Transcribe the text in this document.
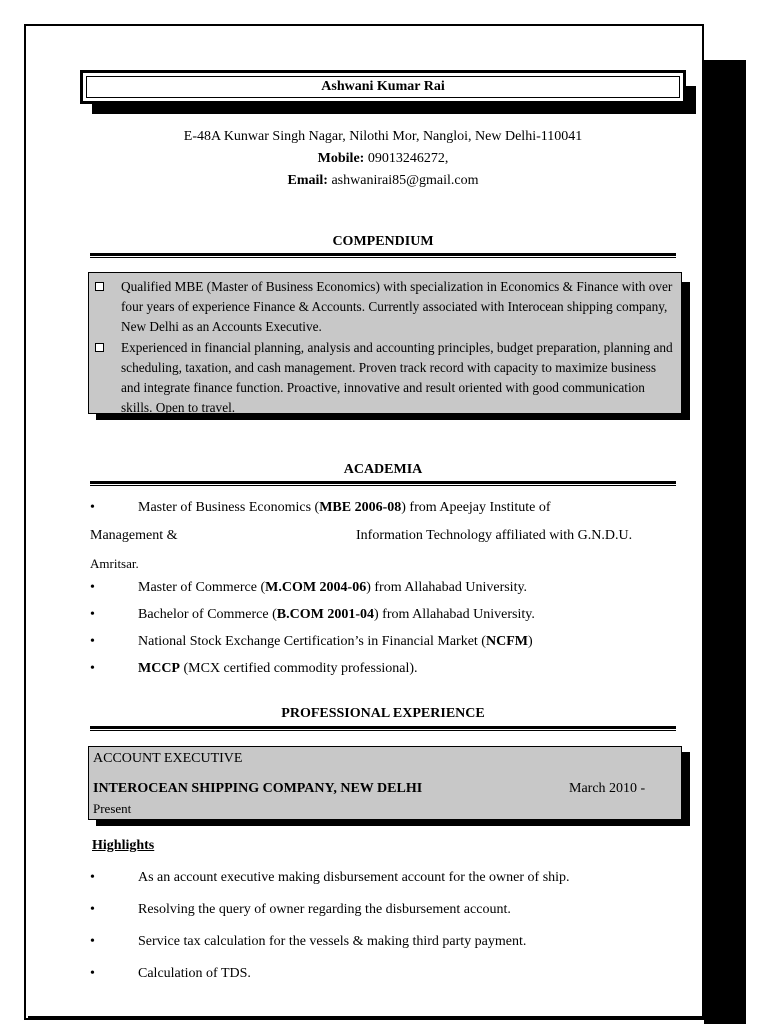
Ashwani Kumar Rai
E-48A Kunwar Singh Nagar, Nilothi Mor, Nangloi, New Delhi-110041
Mobile: 09013246272,
Email: ashwanirai85@gmail.com
COMPENDIUM
Qualified MBE (Master of Business Economics) with specialization in Economics & Finance with over four years of experience Finance & Accounts. Currently associated with Interocean shipping company, New Delhi as an Accounts Executive.
Experienced in financial planning, analysis and accounting principles, budget preparation, planning and scheduling, taxation, and cash management. Proven track record with capacity to maximize business and integrate finance function. Proactive, innovative and result oriented with good communication skills. Open to travel.
ACADEMIA
•	Master of Business Economics (MBE 2006-08) from Apeejay Institute of
Management &	Information Technology affiliated with G.N.D.U.
Amritsar.
•	Master of Commerce (M.COM 2004-06) from Allahabad University.
•	Bachelor of Commerce (B.COM 2001-04) from Allahabad University.
•	National Stock Exchange Certification’s in Financial Market (NCFM)
•	MCCP (MCX certified commodity professional).
PROFESSIONAL EXPERIENCE
ACCOUNT EXECUTIVE
INTEROCEAN SHIPPING COMPANY, NEW DELHI	March 2010 -
Present
Highlights
•	As an account executive making disbursement account for the owner of ship.
•	Resolving the query of owner regarding the disbursement account.
•	Service tax calculation for the vessels & making third party payment.
•	Calculation of TDS.
